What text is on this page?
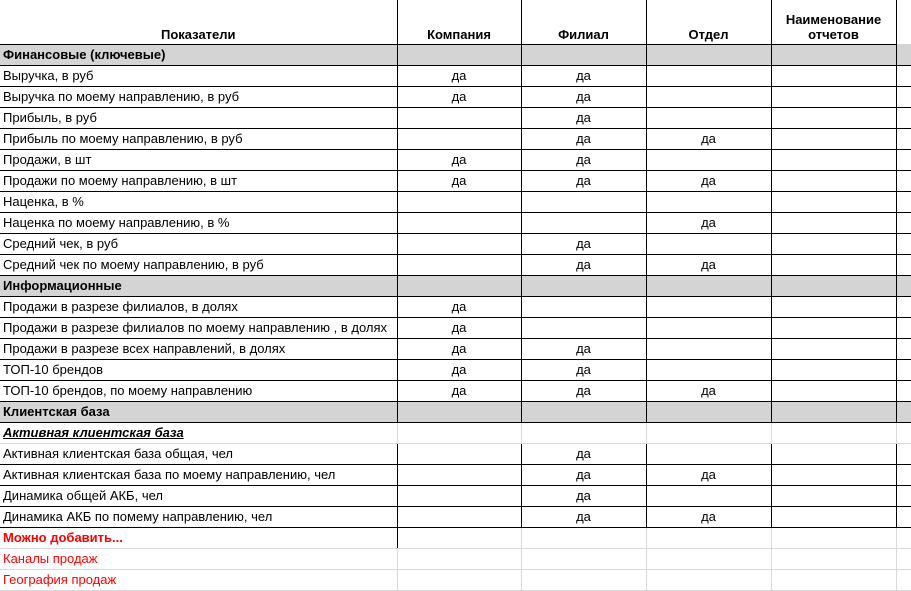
Показатели	Компания	Филиал	Отдел	Наименование отчетов	
Финансовые (ключевые)					
Выручка, в руб	да	да			
Выручка по моему направлению, в руб	да	да			
Прибыль, в руб		да			
Прибыль по моему направлению, в руб		да	да		
Продажи, в шт	да	да			
Продажи по моему направлению, в шт	да	да	да		
Наценка, в %					
Наценка по моему направлению, в %			да		
Средний чек, в руб		да			
Средний чек по моему направлению, в руб		да	да		
Информационные					
Продажи в разрезе филиалов, в долях	да				
Продажи в разрезе филиалов по моему направлению , в долях	да				
Продажи в разрезе всех направлений, в долях	да	да			
ТОП-10 брендов	да	да			
ТОП-10 брендов, по моему направлению	да	да	да		
Клиентская база					
Активная клиентская база					
Активная клиентская база общая, чел		да			
Активная клиентская база по моему направлению, чел		да	да		
Динамика общей АКБ, чел		да			
Динамика АКБ по помему направлению, чел		да	да		
Можно добавить...					
Каналы продаж					
География продаж					
